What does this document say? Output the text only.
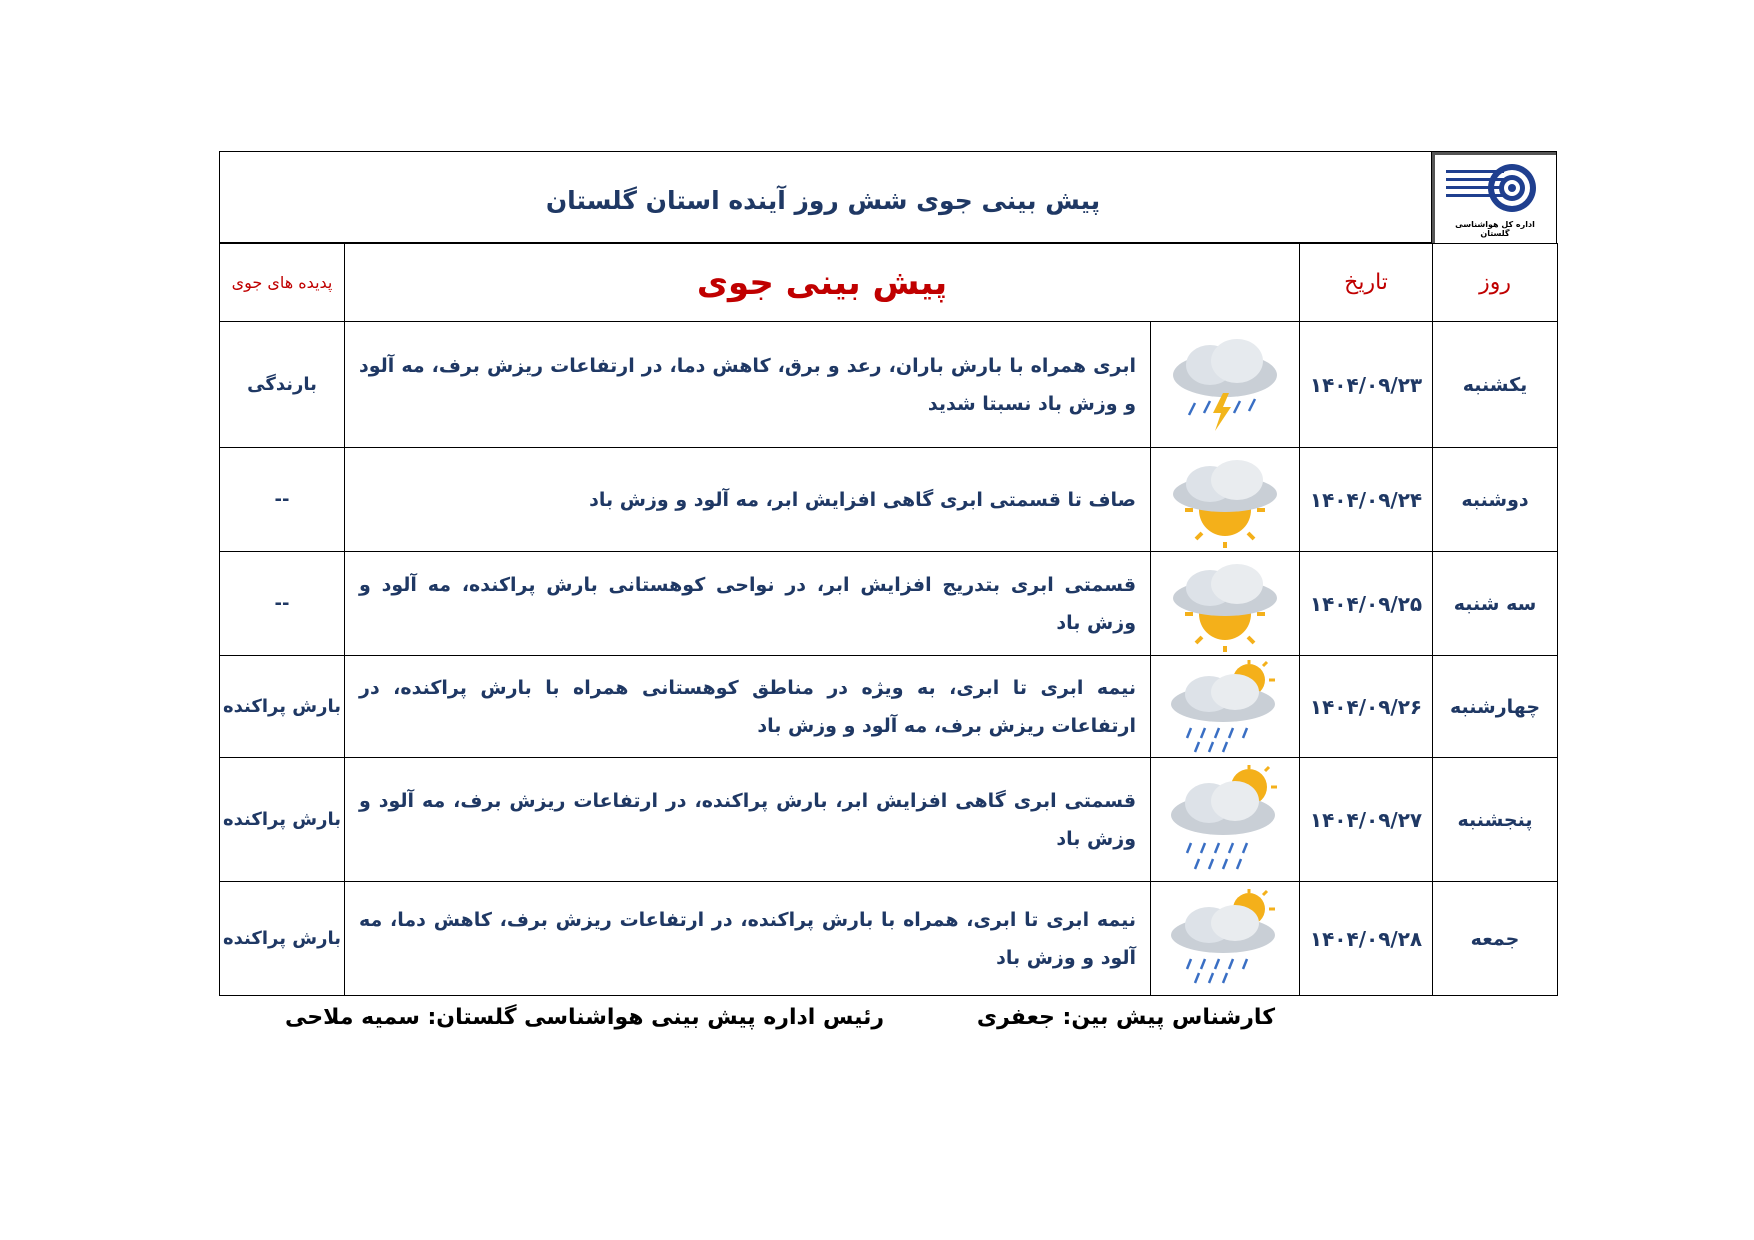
پیش بینی جوی شش روز آینده استان گلستان
اداره کل هواشناسی گلستان
روز	تاریخ	پیش بینی جوی		پدیده های جوی
یکشنبه	۱۴۰۴/۰۹/۲۳		ابری همراه با بارش باران، رعد و برق، کاهش دما، در ارتفاعات ریزش برف، مه آلود و وزش باد نسبتا شدید	بارندگی
دوشنبه	۱۴۰۴/۰۹/۲۴		صاف تا قسمتی ابری گاهی افزایش ابر، مه آلود و وزش باد	--
سه شنبه	۱۴۰۴/۰۹/۲۵		قسمتی ابری بتدریج افزایش ابر، در نواحی کوهستانی بارش پراکنده، مه آلود و وزش باد	--
چهارشنبه	۱۴۰۴/۰۹/۲۶		نیمه ابری تا ابری، به ویژه در مناطق کوهستانی همراه با بارش پراکنده، در ارتفاعات ریزش برف، مه آلود و وزش باد	بارش پراکنده
پنجشنبه	۱۴۰۴/۰۹/۲۷		قسمتی ابری گاهی افزایش ابر، بارش پراکنده، در ارتفاعات ریزش برف، مه آلود و وزش باد	بارش پراکنده
جمعه	۱۴۰۴/۰۹/۲۸		نیمه ابری تا ابری، همراه با بارش پراکنده، در ارتفاعات ریزش برف، کاهش دما، مه آلود و وزش باد	بارش پراکنده
کارشناس پیش بین: جعفری
رئیس اداره پیش بینی هواشناسی گلستان: سمیه ملاحی
